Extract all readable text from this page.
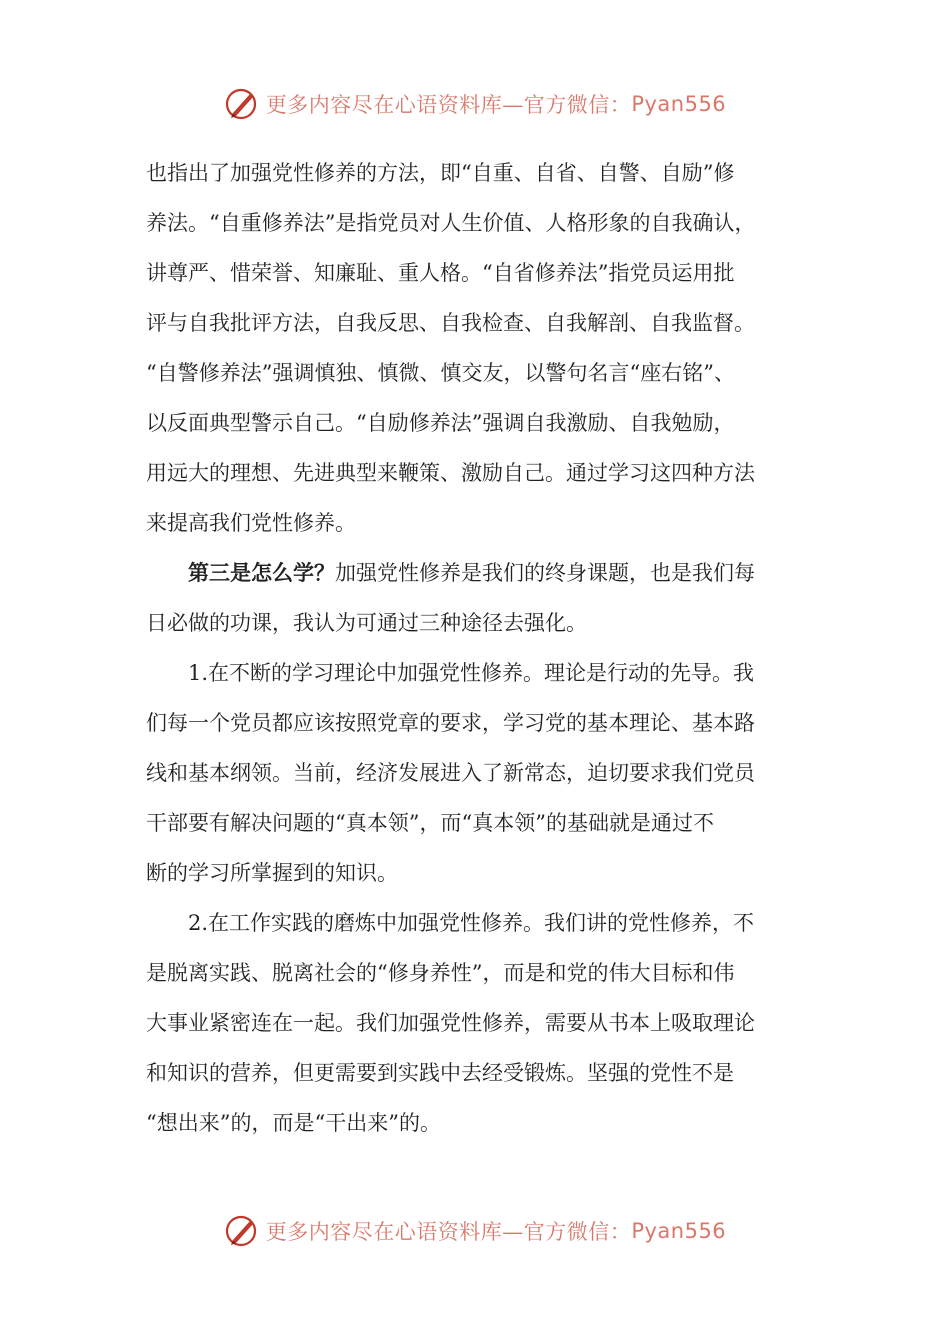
更多内容尽在心语资料库—官方微信： Pyan556
也指出了加强党性修养的方法，即“自重、自省、自警、自励”修
养法。“自重修养法”是指党员对人生价值、人格形象的自我确认，
讲尊严、惜荣誉、知廉耻、重人格。“自省修养法”指党员运用批
评与自我批评方法，自我反思、自我检查、自我解剖、自我监督。
“自警修养法”强调慎独、慎微、慎交友，以警句名言“座右铭”、
以反面典型警示自己。“自励修养法”强调自我激励、自我勉励，
用远大的理想、先进典型来鞭策、激励自己。通过学习这四种方法
来提高我们党性修养。
第三是怎么学？加强党性修养是我们的终身课题，也是我们每
日必做的功课，我认为可通过三种途径去强化。
1.在不断的学习理论中加强党性修养。理论是行动的先导。我
们每一个党员都应该按照党章的要求，学习党的基本理论、基本路
线和基本纲领。当前，经济发展进入了新常态，迫切要求我们党员
干部要有解决问题的“真本领”，而“真本领”的基础就是通过不
断的学习所掌握到的知识。
2.在工作实践的磨炼中加强党性修养。我们讲的党性修养，不
是脱离实践、脱离社会的“修身养性”，而是和党的伟大目标和伟
大事业紧密连在一起。我们加强党性修养，需要从书本上吸取理论
和知识的营养，但更需要到实践中去经受锻炼。坚强的党性不是
“想出来”的，而是“干出来”的。
更多内容尽在心语资料库—官方微信： Pyan556
